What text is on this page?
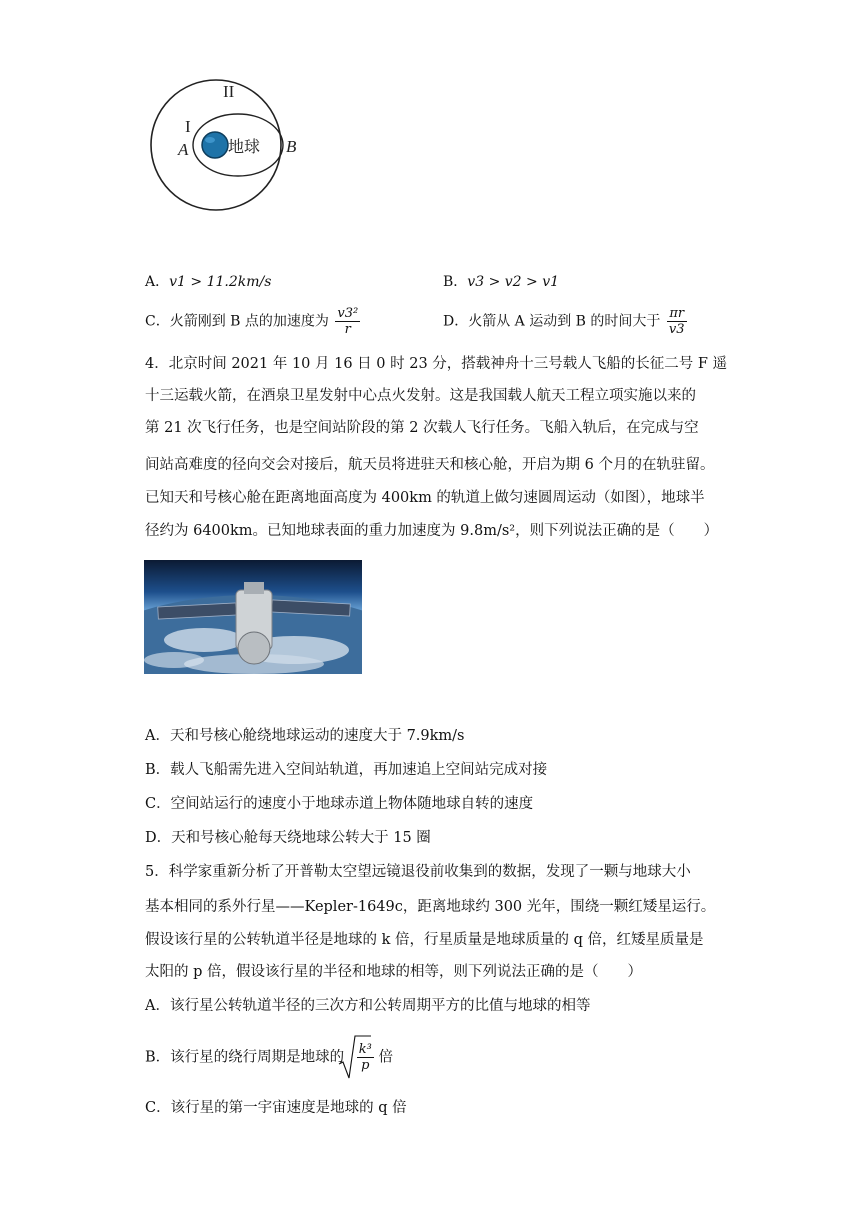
II
I
A 地球 B
A．v1 > 11.2km/s	B．v3 > v2 > v1
C．火箭刚到 B 点的加速度为 $\frac{\text{v3²}}{r}$	D．火箭从 A 运动到 B 的时间大于 $\frac{\pi r}{v3}$
4．北京时间 2021 年 10 月 16 日 0 时 23 分，搭载神舟十三号载人飞船的长征二号 F 遥
十三运载火箭，在酒泉卫星发射中心点火发射。这是我国载人航天工程立项实施以来的
第 21 次飞行任务，也是空间站阶段的第 2 次载人飞行任务。飞船入轨后，在完成与空
间站高难度的径向交会对接后，航天员将进驻天和核心舱，开启为期 6 个月的在轨驻留。
已知天和号核心舱在距离地面高度为 400km 的轨道上做匀速圆周运动（如图），地球半
径约为 6400km。已知地球表面的重力加速度为 9.8m/s²，则下列说法正确的是（　　）
A．天和号核心舱绕地球运动的速度大于 7.9km/s
B．载人飞船需先进入空间站轨道，再加速追上空间站完成对接
C．空间站运行的速度小于地球赤道上物体随地球自转的速度
D．天和号核心舱每天绕地球公转大于 15 圈
5．科学家重新分析了开普勒太空望远镜退役前收集到的数据，发现了一颗与地球大小
基本相同的系外行星——Kepler-1649c，距离地球约 300 光年，围绕一颗红矮星运行。
假设该行星的公转轨道半径是地球的 k 倍，行星质量是地球质量的 q 倍，红矮星质量是
太阳的 p 倍，假设该行星的半径和地球的相等，则下列说法正确的是（　　）
A．该行星公转轨道半径的三次方和公转周期平方的比值与地球的相等
B．该行星的绕行周期是地球的 $\frac{\text{k³}}{p}$ 倍
C．该行星的第一宇宙速度是地球的 q 倍
